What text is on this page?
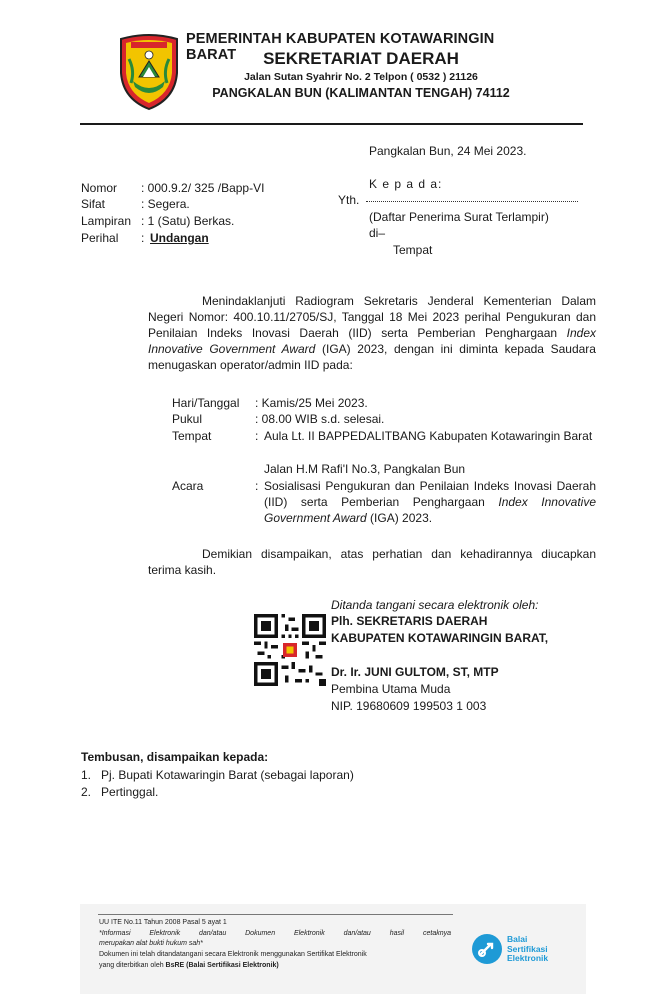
PEMERINTAH KABUPATEN KOTAWARINGIN BARAT	SEKRETARIAT DAERAH
Jalan Sutan Syahrir No. 2 Telpon ( 0532 ) 21126
PANGKALAN BUN (KALIMANTAN TENGAH) 74112
Pangkalan Bun, 24 Mei 2023.
Nomor : 000.9.2/ 325 /Bapp-VI
Sifat	: Segera.
Lampiran : 1 (Satu) Berkas.
Perihal : Undangan
K e p a d a:
Yth.
(Daftar Penerima Surat Terlampir)
di–
Tempat
Menindaklanjuti Radiogram Sekretaris Jenderal Kementerian Dalam Negeri Nomor: 400.10.11/2705/SJ, Tanggal 18 Mei 2023 perihal Pengukuran dan Penilaian Indeks Inovasi Daerah (IID) serta Pemberian Penghargaan Index Innovative Government Award (IGA) 2023, dengan ini diminta kepada Saudara menugaskan operator/admin IID pada:
Hari/Tanggal : Kamis/25 Mei 2023.
Pukul	: 08.00 WIB s.d. selesai.
Tempat	: Aula Lt. II BAPPEDALITBANG Kabupaten Kotawaringin Barat
Jalan H.M Rafi'I No.3, Pangkalan Bun
Acara	: Sosialisasi Pengukuran dan Penilaian Indeks Inovasi Daerah (IID) serta Pemberian Penghargaan Index Innovative Government Award (IGA) 2023.
Demikian disampaikan, atas perhatian dan kehadirannya diucapkan terima kasih.
Ditanda tangani secara elektronik oleh:
Plh. SEKRETARIS DAERAH
KABUPATEN KOTAWARINGIN BARAT,
Dr. Ir. JUNI GULTOM, ST, MTP
Pembina Utama Muda
NIP. 19680609 199503 1 003
Tembusan, disampaikan kepada:
1.   Pj. Bupati Kotawaringin Barat (sebagai laporan)
2.   Pertinggal.
UU ITE No.11 Tahun 2008 Pasal 5 ayat 1
*Informasi Elektronik dan/atau Dokumen Elektronik dan/atau hasil cetaknya
merupakan alat bukti hukum sah*
Dokumen ini telah ditandatangani secara Elektronik menggunakan Sertifikat Elektronik
yang diterbitkan oleh BsRE (Balai Sertifikasi Elektronik)
Balai
Sertifikasi
Elektronik
